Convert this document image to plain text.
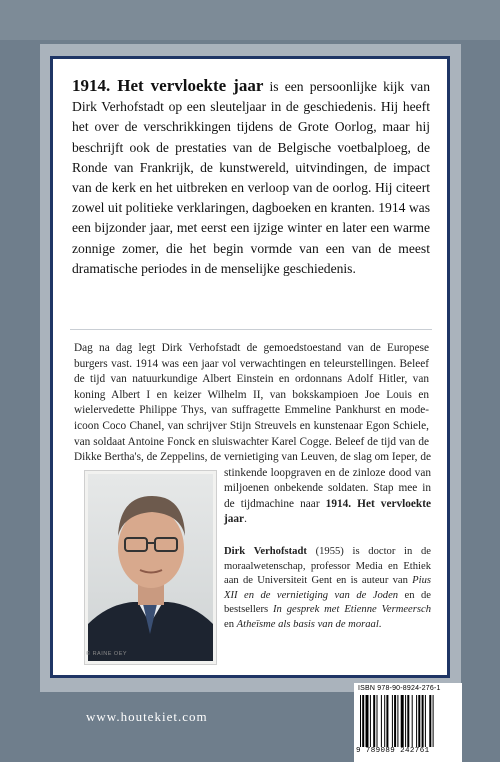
1914. Het vervloekte jaar is een persoonlijke kijk van Dirk Verhofstadt op een sleuteljaar in de geschiedenis. Hij heeft het over de verschrikkingen tijdens de Grote Oorlog, maar hij beschrijft ook de prestaties van de Belgische voetbalploeg, de Ronde van Frankrijk, de kunstwereld, uitvindingen, de impact van de kerk en het uitbreken en verloop van de oorlog. Hij citeert zowel uit politieke verklaringen, dagboeken en kranten. 1914 was een bijzonder jaar, met eerst een ijzige winter en later een warme zonnige zomer, die het begin vormde van een van de meest dramatische periodes in de menselijke geschiedenis.
Dag na dag legt Dirk Verhofstadt de gemoedstoestand van de Europese burgers vast. 1914 was een jaar vol verwachtingen en teleurstellingen. Beleef de tijd van natuurkundige Albert Einstein en ordonnans Adolf Hitler, van koning Albert I en keizer Wilhelm II, van bokskampioen Joe Louis en wielervedette Philippe Thys, van suffragette Emmeline Pankhurst en mode-icoon Coco Chanel, van schrijver Stijn Streuvels en kunstenaar Egon Schiele, van soldaat Antoine Fonck en sluiswachter Karel Cogge. Beleef de tijd van de Dikke Bertha's, de Zeppelins, de vernietiging van Leuven, de slag om Ieper, de stinkende loopgraven en de zinloze dood van miljoenen onbekende soldaten. Stap mee in de tijdmachine naar 1914. Het vervloekte jaar.
© RAINE OEY
Dirk Verhofstadt (1955) is doctor in de moraalwetenschap, professor Media en Ethiek aan de Universiteit Gent en is auteur van Pius XII en de vernietiging van de Joden en de bestsellers In gesprek met Etienne Vermeersch en Atheïsme als basis van de moraal.
ISBN 978-90-8924-276-1
9 789089 242761
www.houtekiet.com
